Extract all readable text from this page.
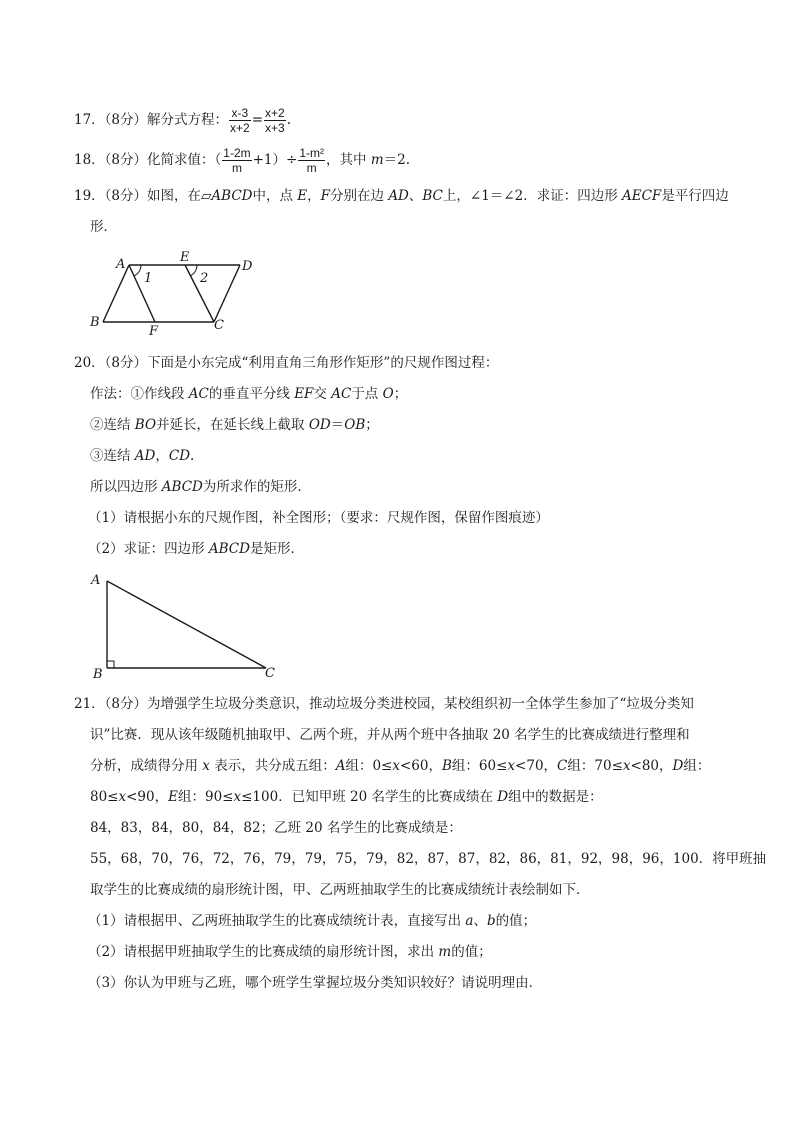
17．（8分）解分式方程： $\frac{x-3}{x+2} = \frac{x+2}{x+3}$ .
18．（8分）化简求值：（ $\frac{1-2m}{m} +1)\div \frac{\text{1-m²}}{m}$ ，其中 m＝2.
19．（8分）如图，在▱ABCD中，点 E，F分别在边 AD、BC上，∠1＝∠2．求证：四边形 AECF是平行四边
形．
A	E
D
B
F	C
1	2
20．（8分）下面是小东完成“利用直角三角形作矩形”的尺规作图过程：
作法：①作线段 AC的垂直平分线 EF交 AC于点 O；
②连结 BO并延长，在延长线上截取 OD＝OB；
③连结 AD，CD.
所以四边形 ABCD为所求作的矩形．
（1）请根据小东的尺规作图，补全图形；（要求：尺规作图，保留作图痕迹）
（2）求证：四边形 ABCD是矩形．
A
B	C
21．（8分）为增强学生垃圾分类意识，推动垃圾分类进校园，某校组织初一全体学生参加了“垃圾分类知
识”比赛．现从该年级随机抽取甲、乙两个班，并从两个班中各抽取 20 名学生的比赛成绩进行整理和
分析，成绩得分用 x 表示，共分成五组：A组：0≤x<60，B组：60≤x<70，C组：70≤x<80，D组：
80≤x<90，E组：90≤x≤100．已知甲班 20 名学生的比赛成绩在 D组中的数据是：
84，83，84，80，84，82；乙班 20 名学生的比赛成绩是：
55，68，70，76，72，76，79，79，75，79，82，87，87，82，86，81，92，98，96，100．将甲班抽
取学生的比赛成绩的扇形统计图，甲、乙两班抽取学生的比赛成绩统计表绘制如下．
（1）请根据甲、乙两班抽取学生的比赛成绩统计表，直接写出 a、b的值；
（2）请根据甲班抽取学生的比赛成绩的扇形统计图，求出 m的值；
（3）你认为甲班与乙班，哪个班学生掌握垃圾分类知识较好？请说明理由．
